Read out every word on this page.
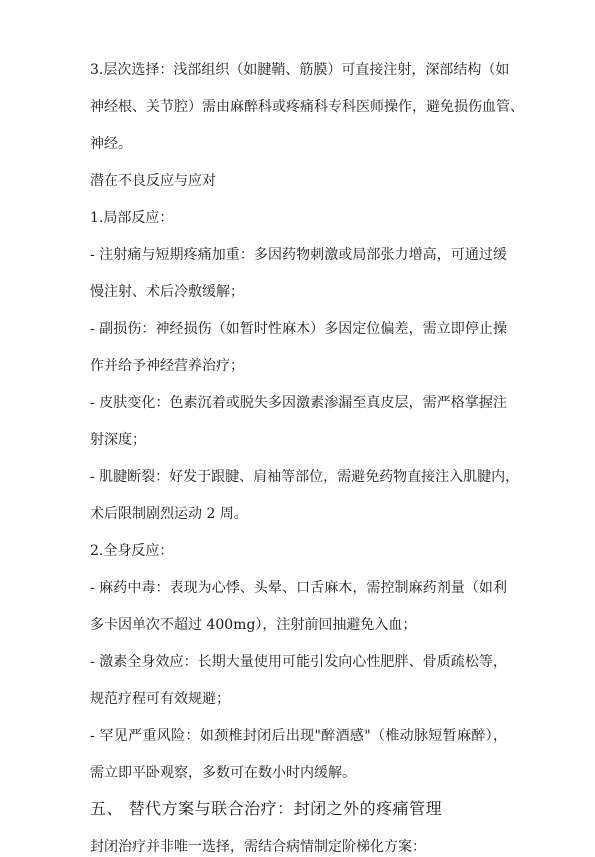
3.层次选择：浅部组织（如腱鞘、筋膜）可直接注射，深部结构（如

神经根、关节腔）需由麻醉科或疼痛科专科医师操作，避免损伤血管、

神经。

潜在不良反应与应对

1.局部反应：

- 注射痛与短期疼痛加重：多因药物刺激或局部张力增高，可通过缓

慢注射、术后冷敷缓解；

- 副损伤：神经损伤（如暂时性麻木）多因定位偏差，需立即停止操

作并给予神经营养治疗；

- 皮肤变化：色素沉着或脱失多因激素渗漏至真皮层，需严格掌握注

射深度；

- 肌腱断裂：好发于跟腱、肩袖等部位，需避免药物直接注入肌腱内，

术后限制剧烈运动 2 周。

2.全身反应：

- 麻药中毒：表现为心悸、头晕、口舌麻木，需控制麻药剂量（如利

多卡因单次不超过 400mg），注射前回抽避免入血；

- 激素全身效应：长期大量使用可能引发向心性肥胖、骨质疏松等，

规范疗程可有效规避；

- 罕见严重风险：如颈椎封闭后出现"醉酒感"（椎动脉短暂麻醉），

需立即平卧观察，多数可在数小时内缓解。

五、 替代方案与联合治疗：封闭之外的疼痛管理

封闭治疗并非唯一选择，需结合病情制定阶梯化方案：
